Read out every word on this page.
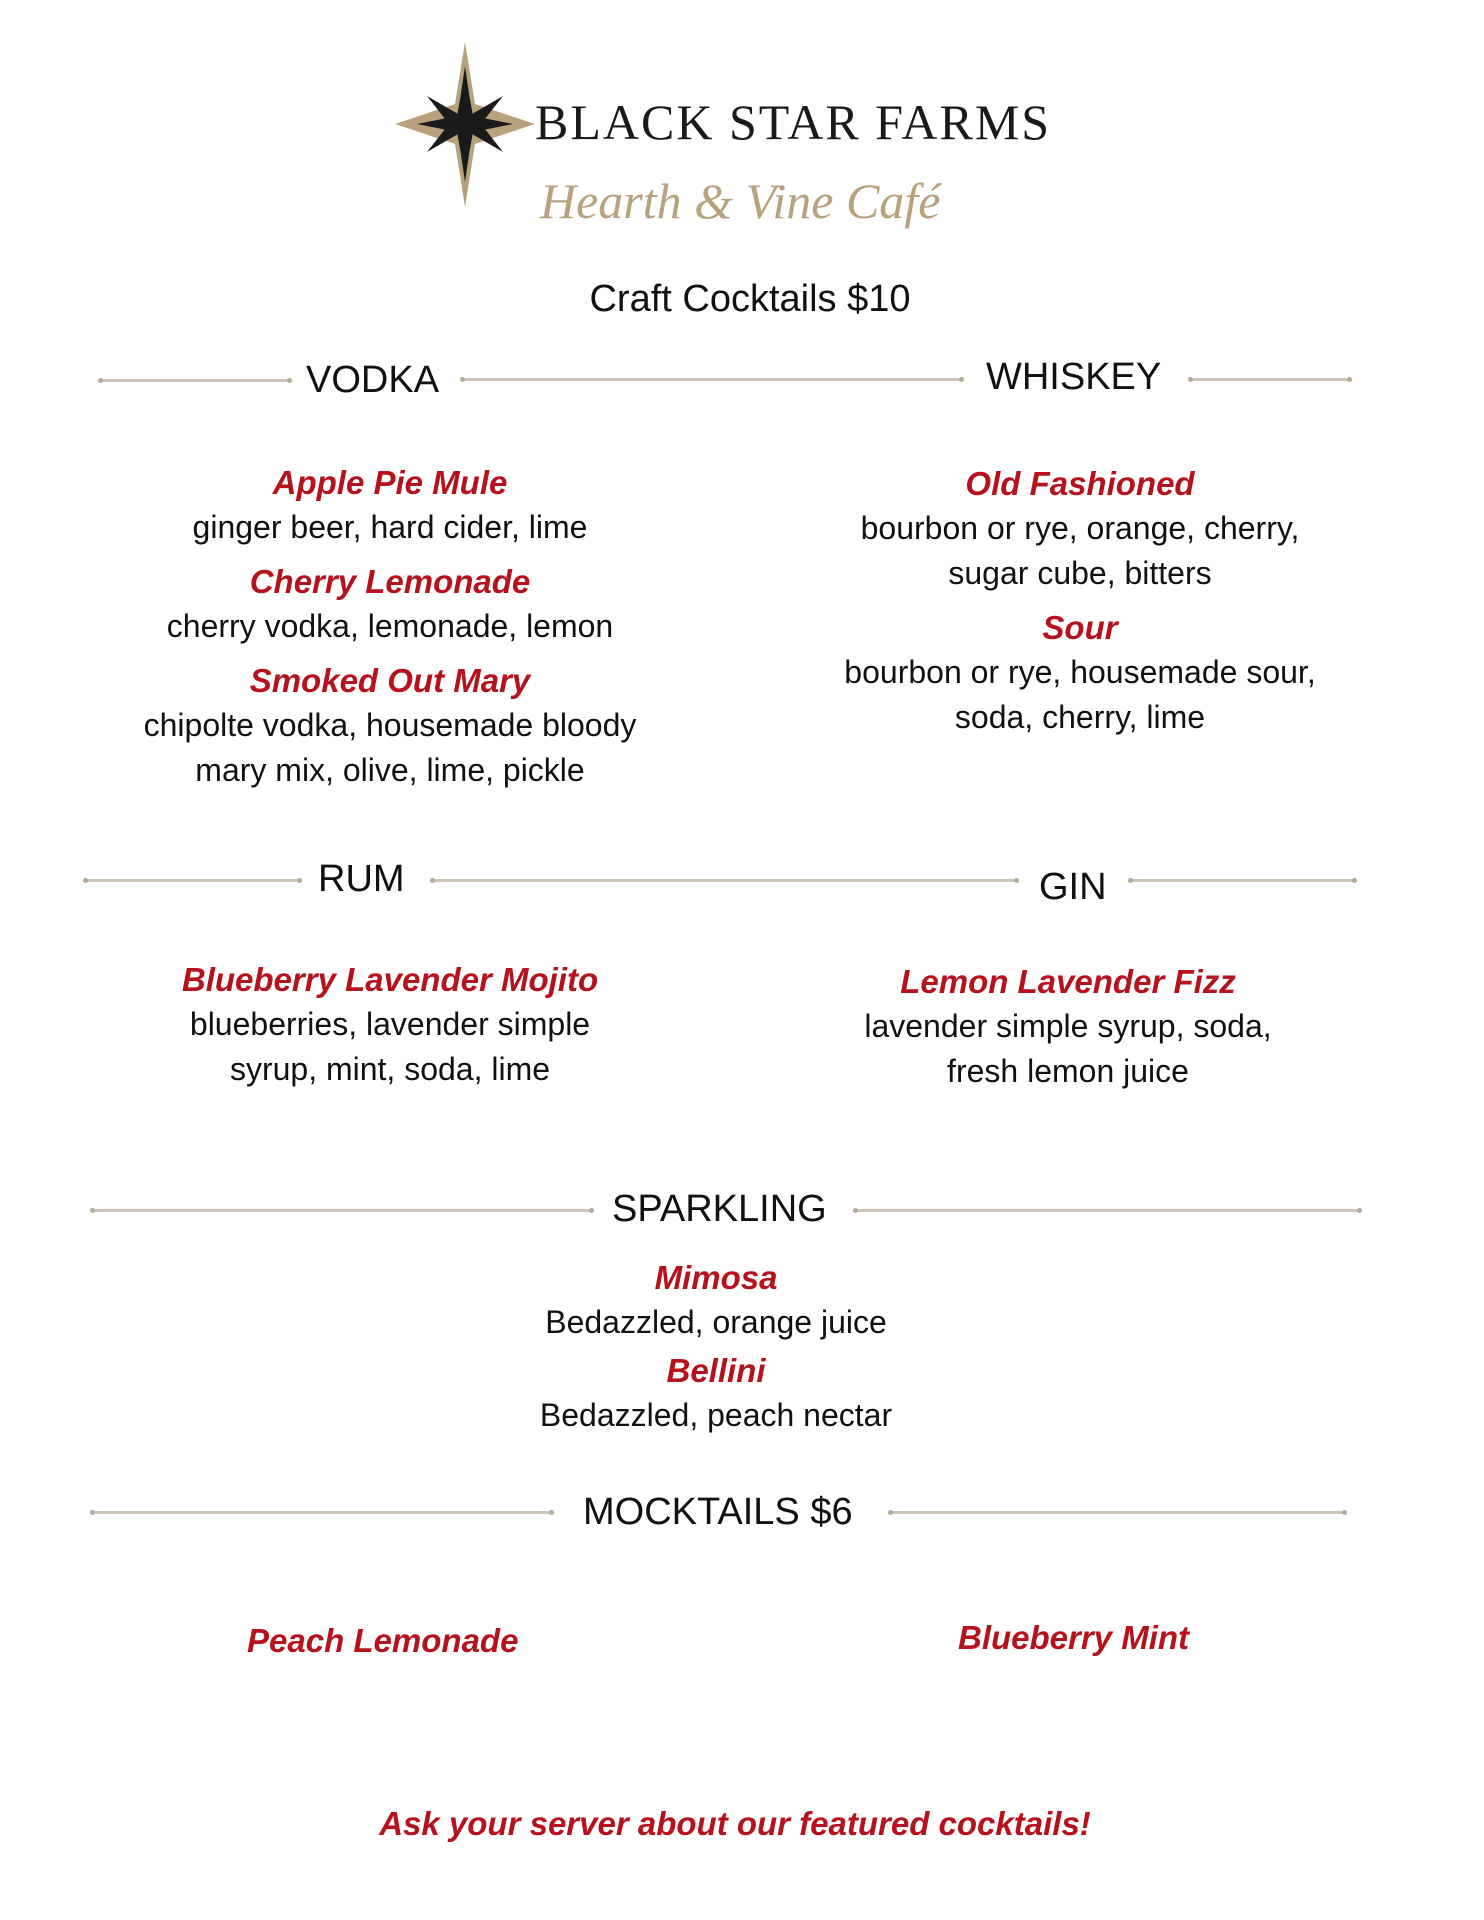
BLACK STAR FARMS
Hearth & Vine Café
Craft Cocktails $10
VODKA	WHISKEY

Apple Pie Mule

ginger beer, hard cider, lime

Cherry Lemonade

cherry vodka, lemonade, lemon

Smoked Out Mary

chipolte vodka, housemade bloody
mary mix, olive, lime, pickle

Old Fashioned

bourbon or rye, orange, cherry,
sugar cube, bitters

Sour

bourbon or rye, housemade sour,
soda, cherry, lime

RUM	GIN

Blueberry Lavender Mojito

blueberries, lavender simple
syrup, mint, soda, lime

Lemon Lavender Fizz

lavender simple syrup, soda,
fresh lemon juice

SPARKLING

Mimosa

Bedazzled, orange juice

Bellini

Bedazzled, peach nectar

MOCKTAILS $6
Peach Lemonade	Blueberry Mint
Ask your server about our featured cocktails!
